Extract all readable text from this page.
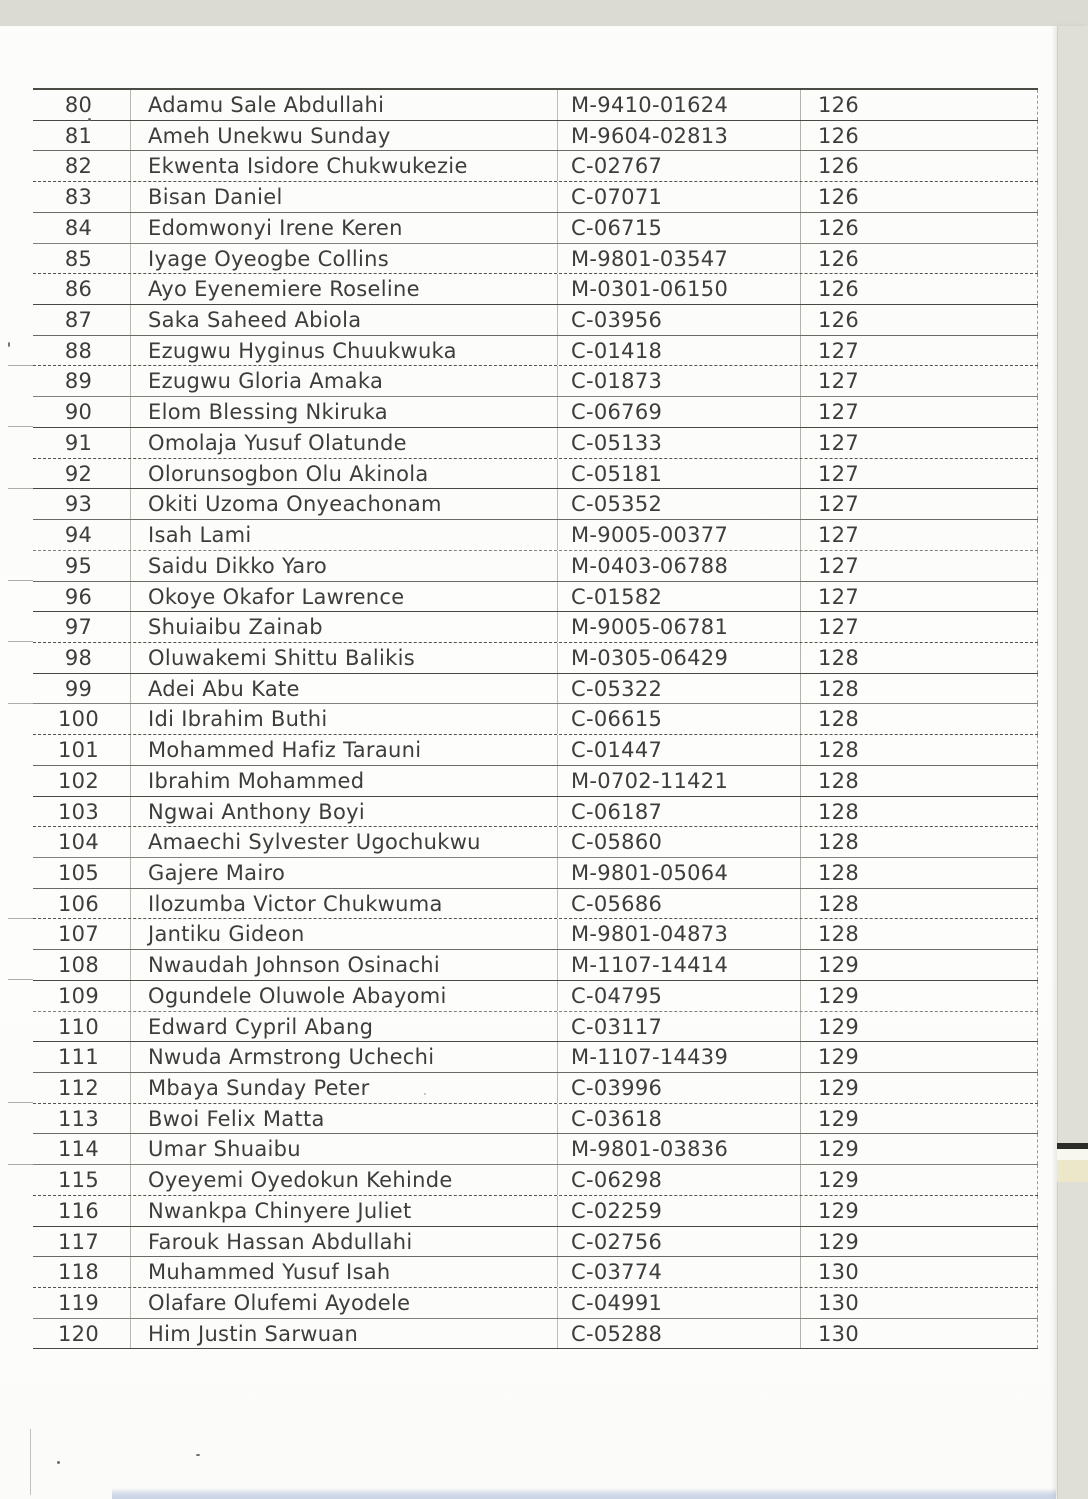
80	Adamu Sale Abdullahi	M-9410-01624	126
81	Ameh Unekwu Sunday	M-9604-02813	126
82	Ekwenta Isidore Chukwukezie	C-02767	126
83	Bisan Daniel	C-07071	126
84	Edomwonyi Irene Keren	C-06715	126
85	Iyage Oyeogbe Collins	M-9801-03547	126
86	Ayo Eyenemiere Roseline	M-0301-06150	126
87	Saka Saheed Abiola	C-03956	126
88	Ezugwu Hyginus Chuukwuka	C-01418	127
89	Ezugwu Gloria Amaka	C-01873	127
90	Elom Blessing Nkiruka	C-06769	127
91	Omolaja Yusuf Olatunde	C-05133	127
92	Olorunsogbon Olu Akinola	C-05181	127
93	Okiti Uzoma Onyeachonam	C-05352	127
94	Isah Lami	M-9005-00377	127
95	Saidu Dikko Yaro	M-0403-06788	127
96	Okoye Okafor Lawrence	C-01582	127
97	Shuiaibu Zainab	M-9005-06781	127
98	Oluwakemi Shittu Balikis	M-0305-06429	128
99	Adei Abu Kate	C-05322	128
100	Idi Ibrahim Buthi	C-06615	128
101	Mohammed Hafiz Tarauni	C-01447	128
102	Ibrahim Mohammed	M-0702-11421	128
103	Ngwai Anthony Boyi	C-06187	128
104	Amaechi Sylvester Ugochukwu	C-05860	128
105	Gajere Mairo	M-9801-05064	128
106	Ilozumba Victor Chukwuma	C-05686	128
107	Jantiku Gideon	M-9801-04873	128
108	Nwaudah Johnson Osinachi	M-1107-14414	129
109	Ogundele Oluwole Abayomi	C-04795	129
110	Edward Cypril Abang	C-03117	129
111	Nwuda Armstrong Uchechi	M-1107-14439	129
112	Mbaya Sunday Peter	C-03996	129
113	Bwoi Felix Matta	C-03618	129
114	Umar Shuaibu	M-9801-03836	129
115	Oyeyemi Oyedokun Kehinde	C-06298	129
116	Nwankpa Chinyere Juliet	C-02259	129
117	Farouk Hassan Abdullahi	C-02756	129
118	Muhammed Yusuf Isah	C-03774	130
119	Olafare Olufemi Ayodele	C-04991	130
120	Him Justin Sarwuan	C-05288	130
